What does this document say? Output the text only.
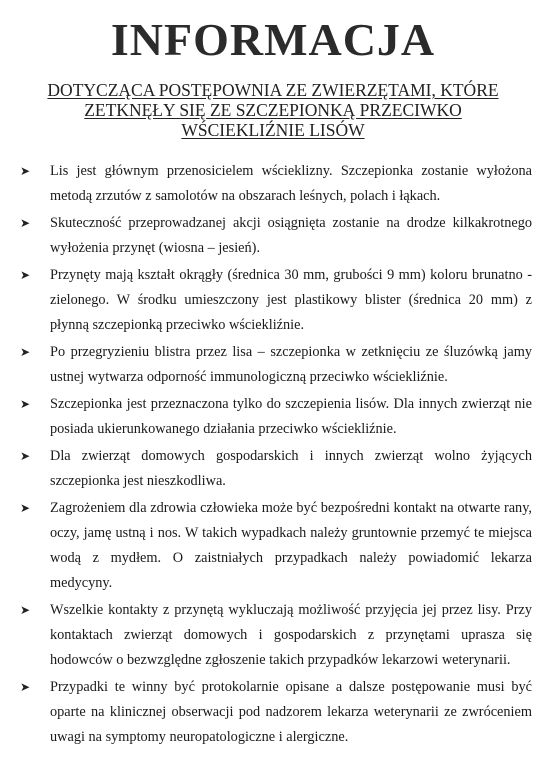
INFORMACJA
DOTYCZĄCA POSTĘPOWNIA ZE ZWIERZĘTAMI, KTÓRE
ZETKNĘŁY SIĘ ZE SZCZEPIONKĄ PRZECIWKO
WŚCIEKLIŹNIE LISÓW
➤ Lis jest głównym przenosicielem wścieklizny. Szczepionka zostanie wyłożona metodą zrzutów z samolotów na obszarach leśnych, polach i łąkach.
➤ Skuteczność przeprowadzanej akcji osiągnięta zostanie na drodze kilkakrotnego wyłożenia przynęt (wiosna – jesień).
➤ Przynęty mają kształt okrągły (średnica 30 mm, grubości 9 mm) koloru brunatno - zielonego. W środku umieszczony jest plastikowy blister (średnica 20 mm) z płynną szczepionką przeciwko wściekliźnie.
➤ Po przegryzieniu blistra przez lisa – szczepionka w zetknięciu ze śluzówką jamy ustnej wytwarza odporność immunologiczną przeciwko wściekliźnie.
➤ Szczepionka jest przeznaczona tylko do szczepienia lisów. Dla innych zwierząt nie posiada ukierunkowanego działania przeciwko wściekliźnie.
➤ Dla zwierząt domowych gospodarskich i innych zwierząt wolno żyjących szczepionka jest nieszkodliwa.
➤ Zagrożeniem dla zdrowia człowieka może być bezpośredni kontakt na otwarte rany, oczy, jamę ustną i nos. W takich wypadkach należy gruntownie przemyć te miejsca wodą z mydłem. O zaistniałych przypadkach należy powiadomić lekarza medycyny.
➤ Wszelkie kontakty z przynętą wykluczają możliwość przyjęcia jej przez lisy. Przy kontaktach zwierząt domowych i gospodarskich z przynętami uprasza się hodowców o bezwzględne zgłoszenie takich przypadków lekarzowi weterynarii.
➤ Przypadki te winny być protokolarnie opisane a dalsze postępowanie musi być oparte na klinicznej obserwacji pod nadzorem lekarza weterynarii ze zwróceniem uwagi na symptomy neuropatologiczne i alergiczne.
